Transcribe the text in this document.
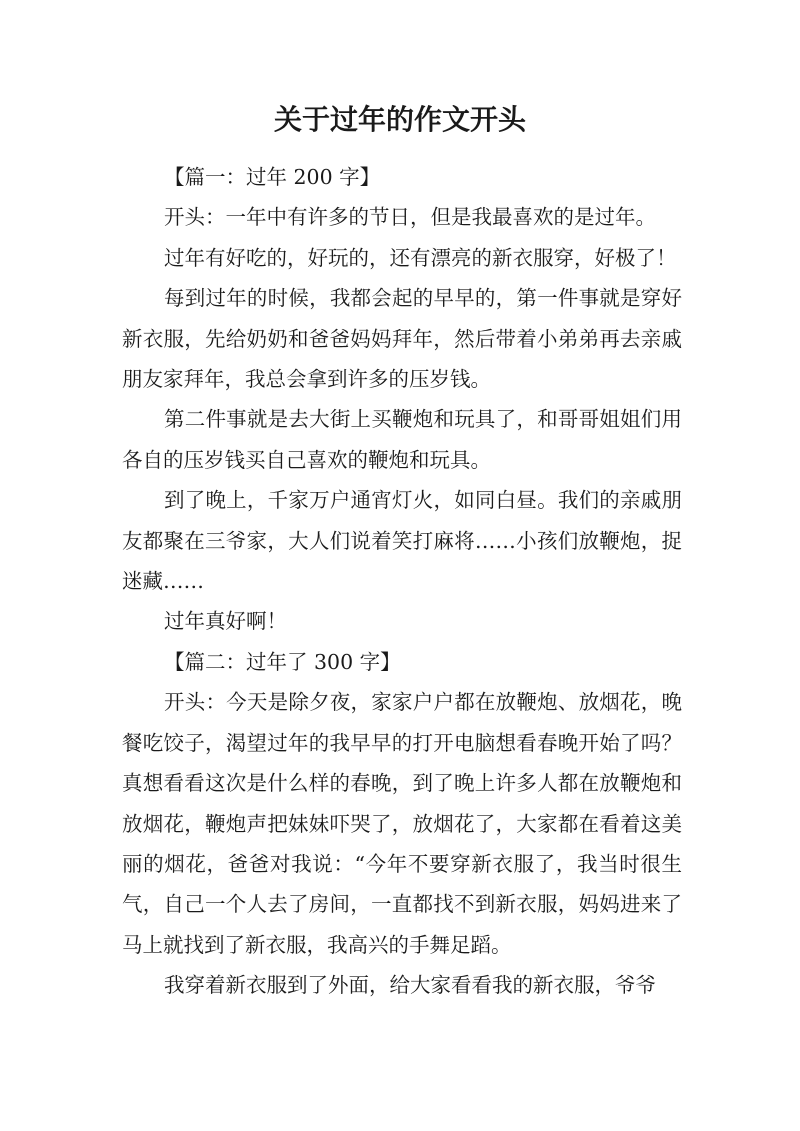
关于过年的作文开头

【篇一：过年 200 字】

开头：一年中有许多的节日，但是我最喜欢的是过年。

过年有好吃的，好玩的，还有漂亮的新衣服穿，好极了！

每到过年的时候，我都会起的早早的，第一件事就是穿好新衣服，先给奶奶和爸爸妈妈拜年，然后带着小弟弟再去亲戚朋友家拜年，我总会拿到许多的压岁钱。

第二件事就是去大街上买鞭炮和玩具了，和哥哥姐姐们用各自的压岁钱买自己喜欢的鞭炮和玩具。

到了晚上，千家万户通宵灯火，如同白昼。我们的亲戚朋友都聚在三爷家，大人们说着笑打麻将……小孩们放鞭炮，捉迷藏……

过年真好啊！

【篇二：过年了 300 字】

开头：今天是除夕夜，家家户户都在放鞭炮、放烟花，晚餐吃饺子，渴望过年的我早早的打开电脑想看春晚开始了吗？真想看看这次是什么样的春晚，到了晚上许多人都在放鞭炮和放烟花，鞭炮声把妹妹吓哭了，放烟花了，大家都在看着这美丽的烟花，爸爸对我说：“今年不要穿新衣服了，我当时很生气，自己一个人去了房间，一直都找不到新衣服，妈妈进来了马上就找到了新衣服，我高兴的手舞足蹈。

我穿着新衣服到了外面，给大家看看我的新衣服，爷爷
